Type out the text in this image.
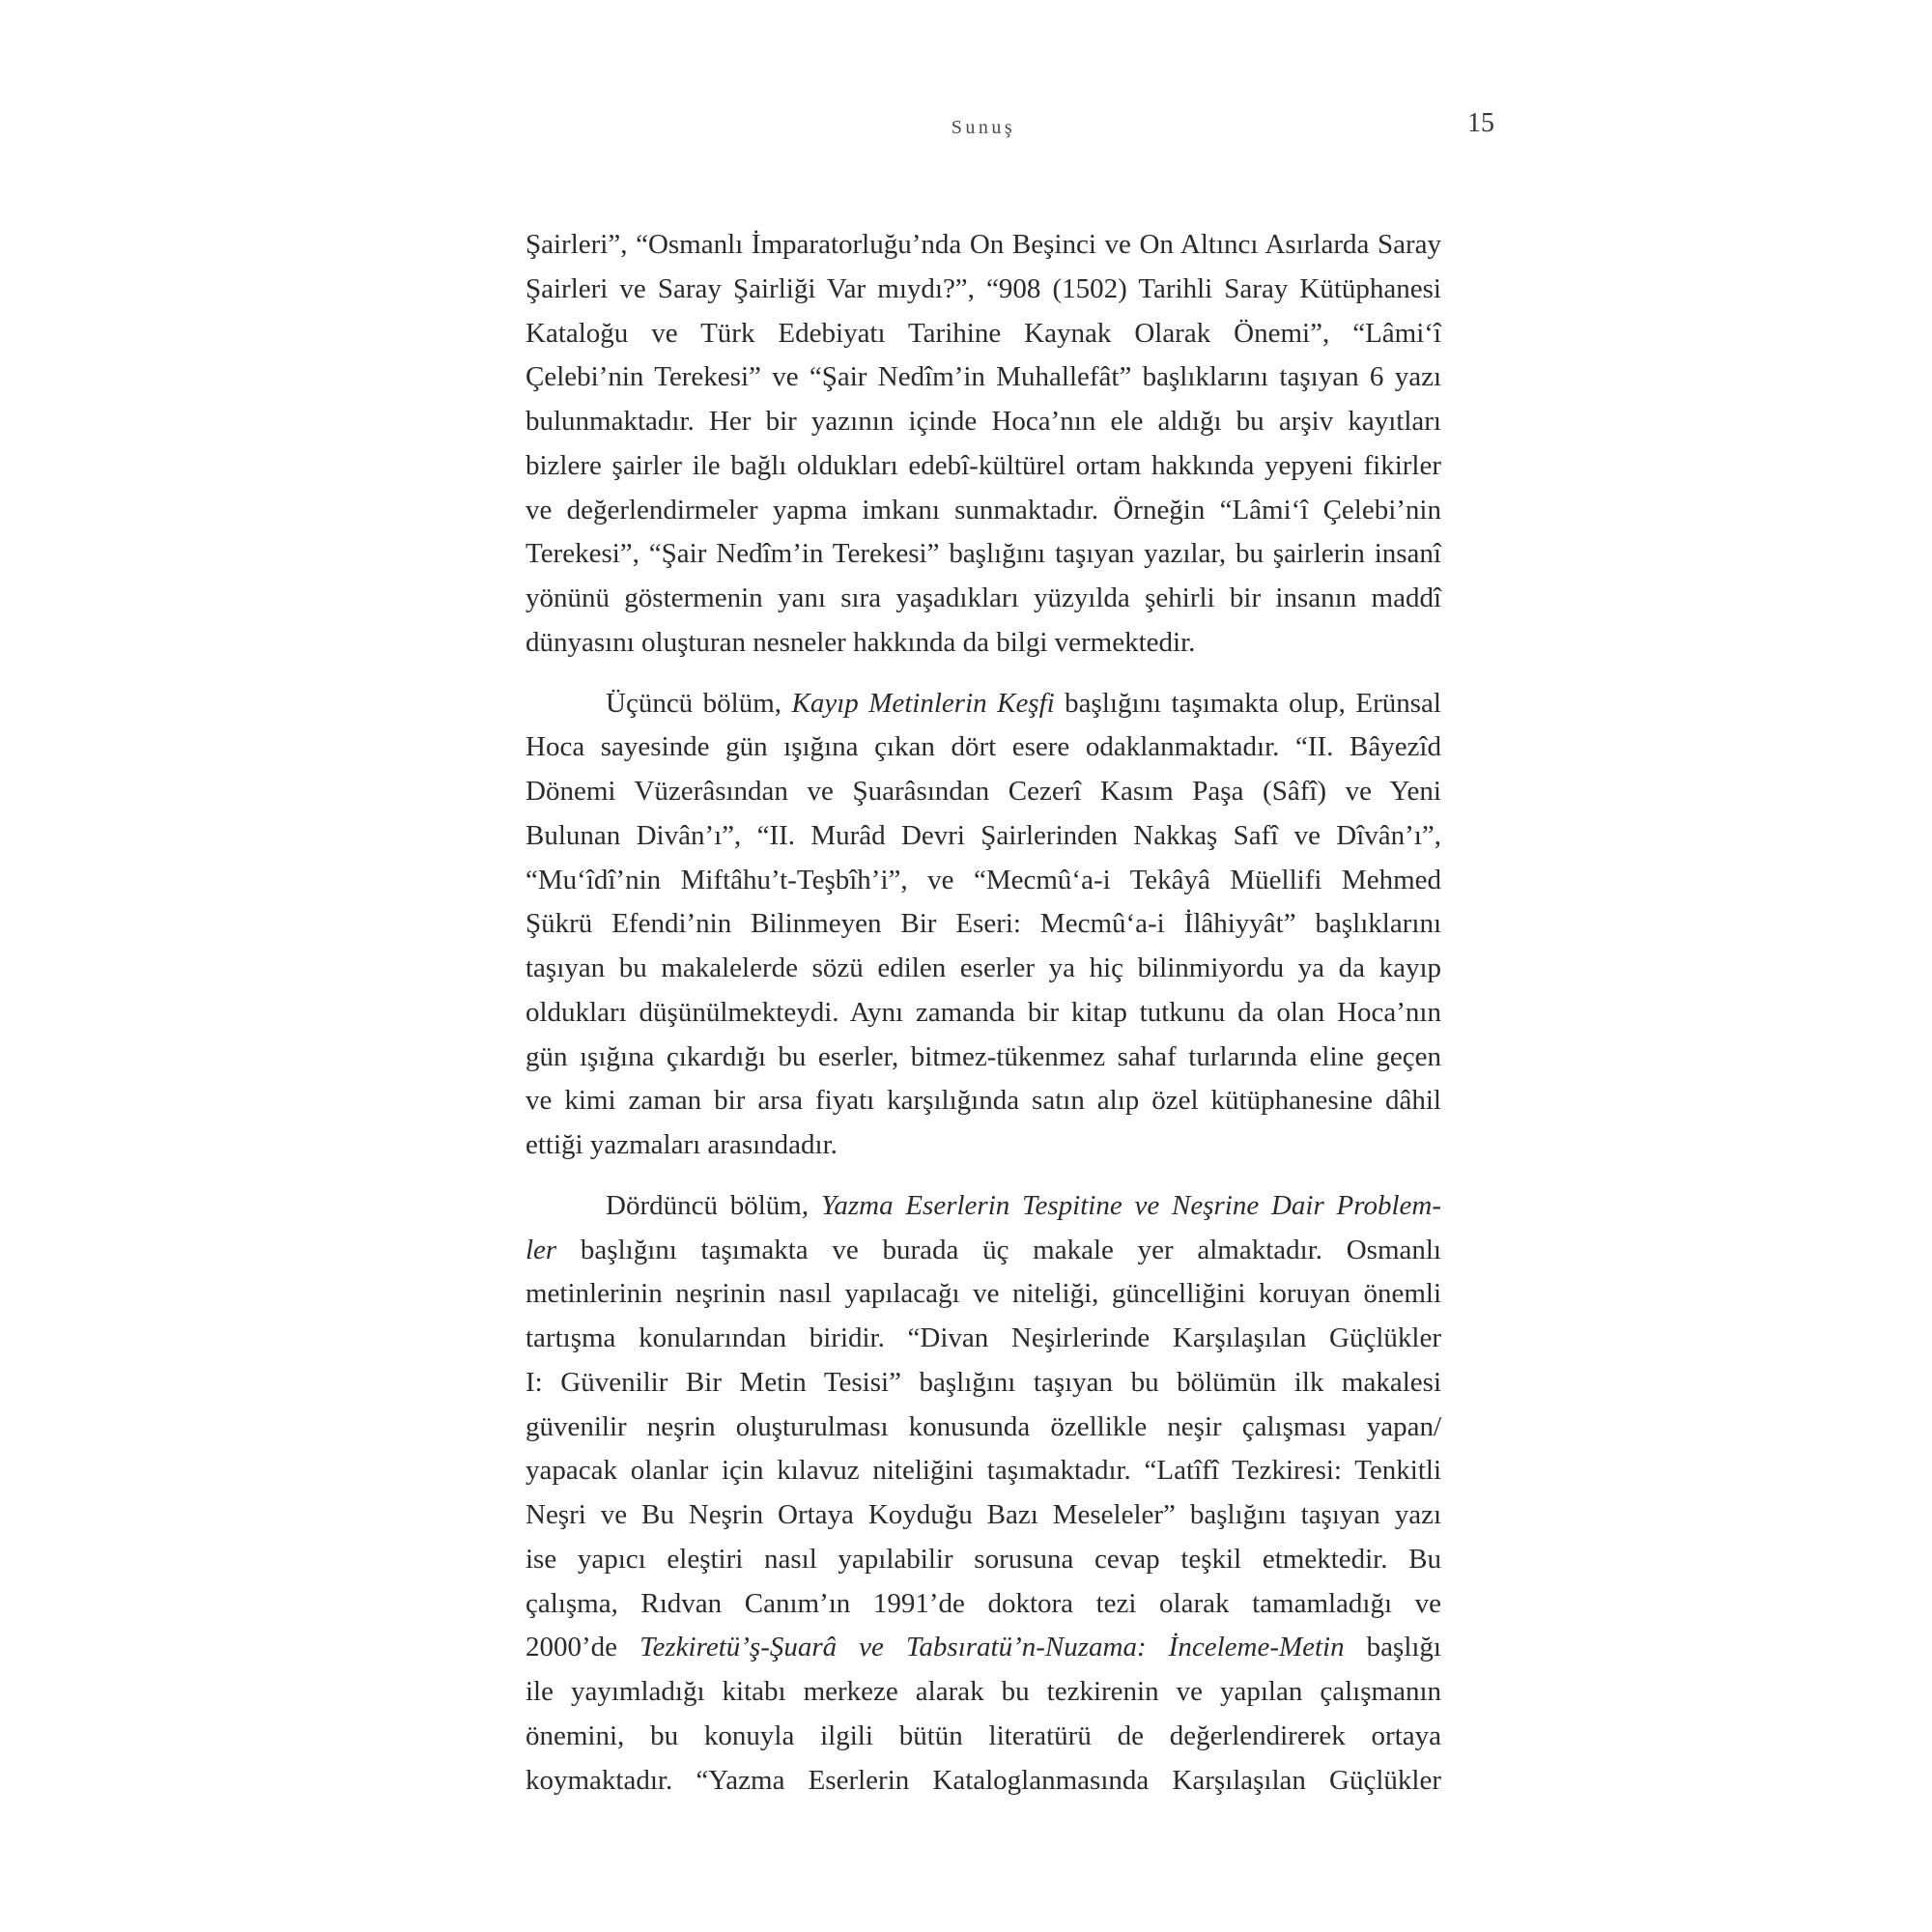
Sunuş	15
Şairleri”, “Osmanlı İmparatorluğu’nda On Beşinci ve On Altıncı Asırlarda Saray
Şairleri ve Saray Şairliği Var mıydı?”, “908 (1502) Tarihli Saray Kütüphanesi
Kataloğu ve Türk Edebiyatı Tarihine Kaynak Olarak Önemi”, “Lâmi‘î
Çelebi’nin Terekesi” ve “Şair Nedîm’in Muhallefât” başlıklarını taşıyan 6 yazı
bulunmaktadır. Her bir yazının içinde Hoca’nın ele aldığı bu arşiv kayıtları
bizlere şairler ile bağlı oldukları edebî-kültürel ortam hakkında yepyeni fikirler
ve değerlendirmeler yapma imkanı sunmaktadır. Örneğin “Lâmi‘î Çelebi’nin
Terekesi”, “Şair Nedîm’in Terekesi” başlığını taşıyan yazılar, bu şairlerin insanî
yönünü göstermenin yanı sıra yaşadıkları yüzyılda şehirli bir insanın maddî
dünyasını oluşturan nesneler hakkında da bilgi vermektedir.
Üçüncü bölüm, Kayıp Metinlerin Keşfi başlığını taşımakta olup, Erünsal
Hoca sayesinde gün ışığına çıkan dört esere odaklanmaktadır. “II. Bâyezîd
Dönemi Vüzerâsından ve Şuarâsından Cezerî Kasım Paşa (Sâfî) ve Yeni
Bulunan Divân’ı”, “II. Murâd Devri Şairlerinden Nakkaş Safî ve Dîvân’ı”,
“Mu‘îdî’nin Miftâhu’t-Teşbîh’i”, ve “Mecmû‘a-i Tekâyâ Müellifi Mehmed
Şükrü Efendi’nin Bilinmeyen Bir Eseri: Mecmû‘a-i İlâhiyyât” başlıklarını
taşıyan bu makalelerde sözü edilen eserler ya hiç bilinmiyordu ya da kayıp
oldukları düşünülmekteydi. Aynı zamanda bir kitap tutkunu da olan Hoca’nın
gün ışığına çıkardığı bu eserler, bitmez-tükenmez sahaf turlarında eline geçen
ve kimi zaman bir arsa fiyatı karşılığında satın alıp özel kütüphanesine dâhil
ettiği yazmaları arasındadır.
Dördüncü bölüm, Yazma Eserlerin Tespitine ve Neşrine Dair Problem-
ler başlığını taşımakta ve burada üç makale yer almaktadır. Osmanlı
metinlerinin neşrinin nasıl yapılacağı ve niteliği, güncelliğini koruyan önemli
tartışma konularından biridir. “Divan Neşirlerinde Karşılaşılan Güçlükler
I: Güvenilir Bir Metin Tesisi” başlığını taşıyan bu bölümün ilk makalesi
güvenilir neşrin oluşturulması konusunda özellikle neşir çalışması yapan/
yapacak olanlar için kılavuz niteliğini taşımaktadır. “Latîfî Tezkiresi: Tenkitli
Neşri ve Bu Neşrin Ortaya Koyduğu Bazı Meseleler” başlığını taşıyan yazı
ise yapıcı eleştiri nasıl yapılabilir sorusuna cevap teşkil etmektedir. Bu
çalışma, Rıdvan Canım’ın 1991’de doktora tezi olarak tamamladığı ve
2000’de Tezkiretü’ş-Şuarâ ve Tabsıratü’n-Nuzama: İnceleme-Metin başlığı
ile yayımladığı kitabı merkeze alarak bu tezkirenin ve yapılan çalışmanın
önemini, bu konuyla ilgili bütün literatürü de değerlendirerek ortaya
koymaktadır. “Yazma Eserlerin Kataloglanmasında Karşılaşılan Güçlükler
